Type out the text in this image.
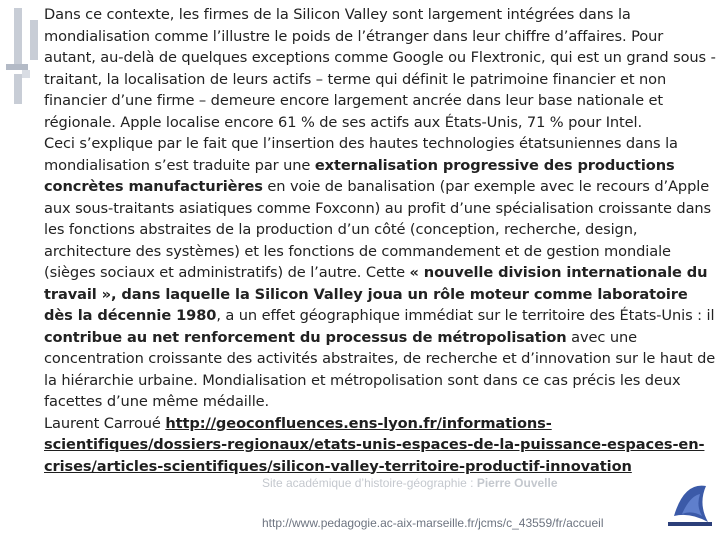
Dans ce contexte, les firmes de la Silicon Valley sont largement intégrées dans la mondialisation comme l’illustre le poids de l’étranger dans leur chiffre d’affaires. Pour autant, au-delà de quelques exceptions comme Google ou Flextronic, qui est un grand sous -traitant, la localisation de leurs actifs – terme qui définit le patrimoine financier et non financier d’une firme – demeure encore largement ancrée dans leur base nationale et régionale. Apple localise encore 61 % de ses actifs aux États-Unis, 71 % pour Intel.

Ceci s’explique par le fait que l’insertion des hautes technologies étatsuniennes dans la mondialisation s’est traduite par une externalisation progressive des productions concrètes manufacturières en voie de banalisation (par exemple avec le recours d’Apple aux sous-traitants asiatiques comme Foxconn) au profit d’une spécialisation croissante dans les fonctions abstraites de la production d’un côté (conception, recherche, design, architecture des systèmes) et les fonctions de commandement et de gestion mondiale (sièges sociaux et administratifs) de l’autre. Cette « nouvelle division internationale du travail », dans laquelle la Silicon Valley joua un rôle moteur comme laboratoire dès la décennie 1980, a un effet géographique immédiat sur le territoire des États-Unis : il contribue au net renforcement du processus de métropolisation avec une concentration croissante des activités abstraites, de recherche et d’innovation sur le haut de la hiérarchie urbaine. Mondialisation et métropolisation sont dans ce cas précis les deux facettes d’une même médaille.

Laurent Carroué http://geoconfluences.ens-lyon.fr/informations-scientifiques/dossiers-regionaux/etats-unis-espaces-de-la-puissance-espaces-en-crises/articles-scientifiques/silicon-valley-territoire-productif-innovation

Site académique d’histoire-géographie : Pierre Ouvelle
http://www.pedagogie.ac-aix-marseille.fr/jcms/c_43559/fr/accueil
